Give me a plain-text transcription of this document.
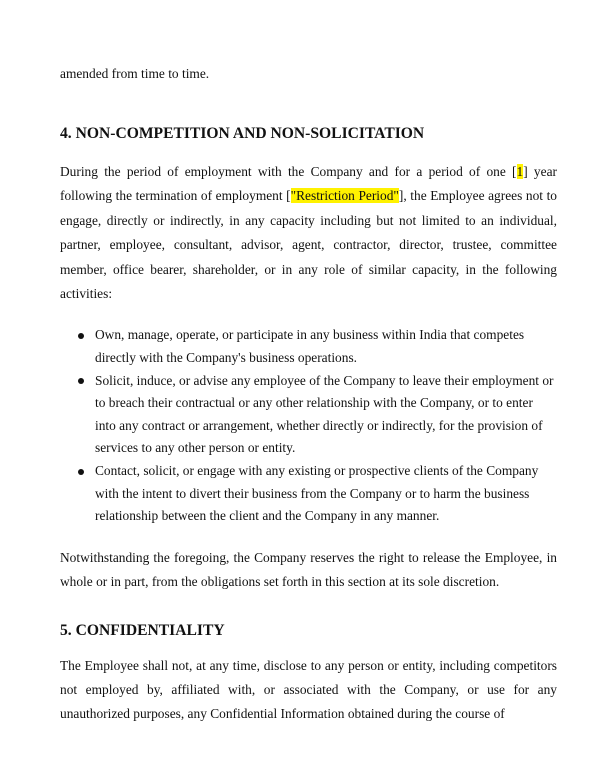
amended from time to time.

4. NON-COMPETITION AND NON-SOLICITATION

During the period of employment with the Company and for a period of one [1] year following the termination of employment ["Restriction Period"], the Employee agrees not to engage, directly or indirectly, in any capacity including but not limited to an individual, partner, employee, consultant, advisor, agent, contractor, director, trustee, committee member, office bearer, shareholder, or in any role of similar capacity, in the following activities:

Own, manage, operate, or participate in any business within India that competes directly with the Company's business operations.
Solicit, induce, or advise any employee of the Company to leave their employment or to breach their contractual or any other relationship with the Company, or to enter into any contract or arrangement, whether directly or indirectly, for the provision of services to any other person or entity.
Contact, solicit, or engage with any existing or prospective clients of the Company with the intent to divert their business from the Company or to harm the business relationship between the client and the Company in any manner.

Notwithstanding the foregoing, the Company reserves the right to release the Employee, in whole or in part, from the obligations set forth in this section at its sole discretion.

5. CONFIDENTIALITY

The Employee shall not, at any time, disclose to any person or entity, including competitors not employed by, affiliated with, or associated with the Company, or use for any unauthorized purposes, any Confidential Information obtained during the course of
